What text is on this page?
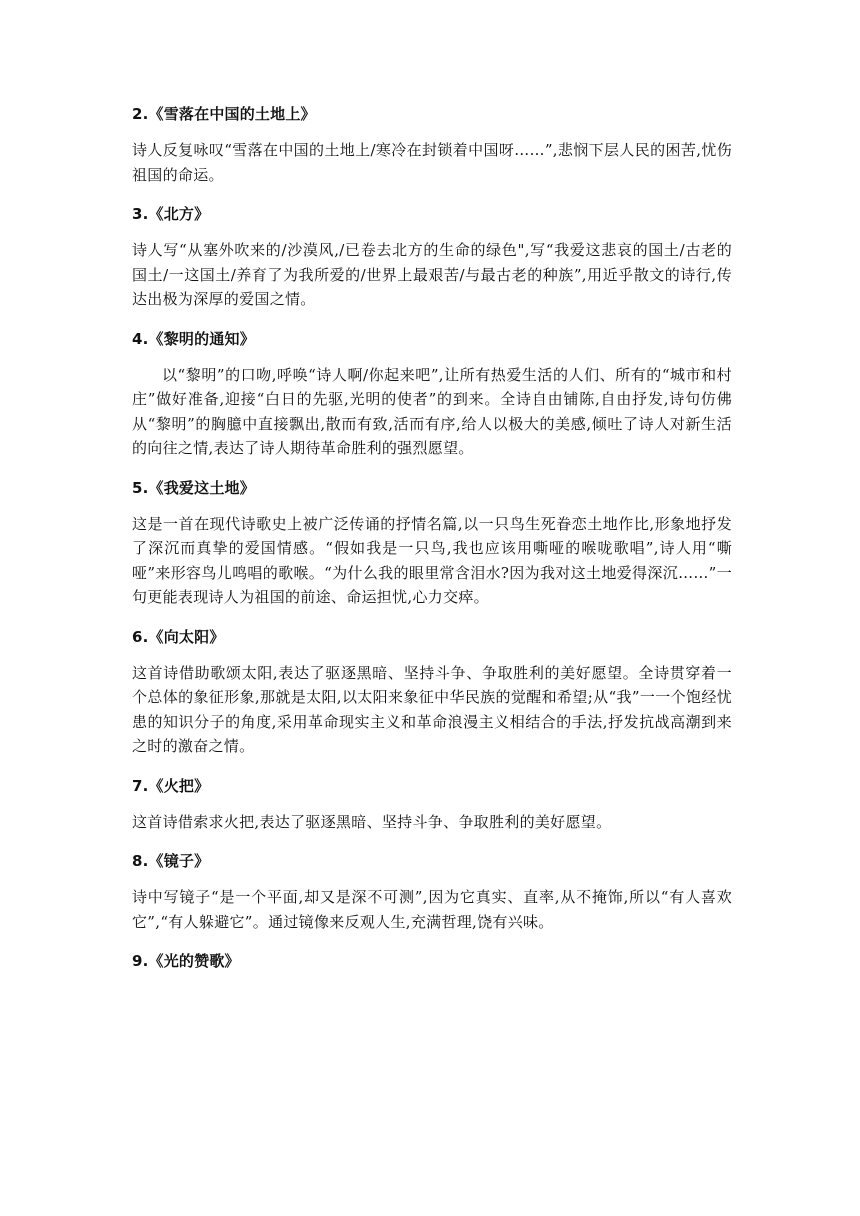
2.《雪落在中国的土地上》

诗人反复咏叹“雪落在中国的土地上/寒冷在封锁着中国呀……”,悲悯下层人民的困苦,忧伤祖国的命运。

3.《北方》

诗人写“从塞外吹来的/沙漠风,/已卷去北方的生命的绿色",写“我爱这悲哀的国土/古老的国土/一这国土/养育了为我所爱的/世界上最艰苦/与最古老的种族”,用近乎散文的诗行,传达出极为深厚的爱国之情。

4.《黎明的通知》

以“黎明”的口吻,呼唤“诗人啊/你起来吧”,让所有热爱生活的人们、所有的“城市和村庄”做好准备,迎接“白日的先驱,光明的使者”的到来。全诗自由铺陈,自由抒发,诗句仿佛从“黎明”的胸臆中直接飘出,散而有致,活而有序,给人以极大的美感,倾吐了诗人对新生活的向往之情,表达了诗人期待革命胜利的强烈愿望。

5.《我爱这土地》

这是一首在现代诗歌史上被广泛传诵的抒情名篇,以一只鸟生死眷恋土地作比,形象地抒发了深沉而真挚的爱国情感。“假如我是一只鸟,我也应该用嘶哑的喉咙歌唱”,诗人用“嘶哑”来形容鸟儿鸣唱的歌喉。“为什么我的眼里常含泪水?因为我对这土地爱得深沉……”一句更能表现诗人为祖国的前途、命运担忧,心力交瘁。

6.《向太阳》

这首诗借助歌颂太阳,表达了驱逐黑暗、坚持斗争、争取胜利的美好愿望。全诗贯穿着一个总体的象征形象,那就是太阳,以太阳来象征中华民族的觉醒和希望;从“我”一一个饱经忧患的知识分子的角度,采用革命现实主义和革命浪漫主义相结合的手法,抒发抗战高潮到来之时的激奋之情。

7.《火把》

这首诗借索求火把,表达了驱逐黑暗、坚持斗争、争取胜利的美好愿望。

8.《镜子》

诗中写镜子“是一个平面,却又是深不可测”,因为它真实、直率,从不掩饰,所以“有人喜欢它”,“有人躲避它”。通过镜像来反观人生,充满哲理,饶有兴味。

9.《光的赞歌》
